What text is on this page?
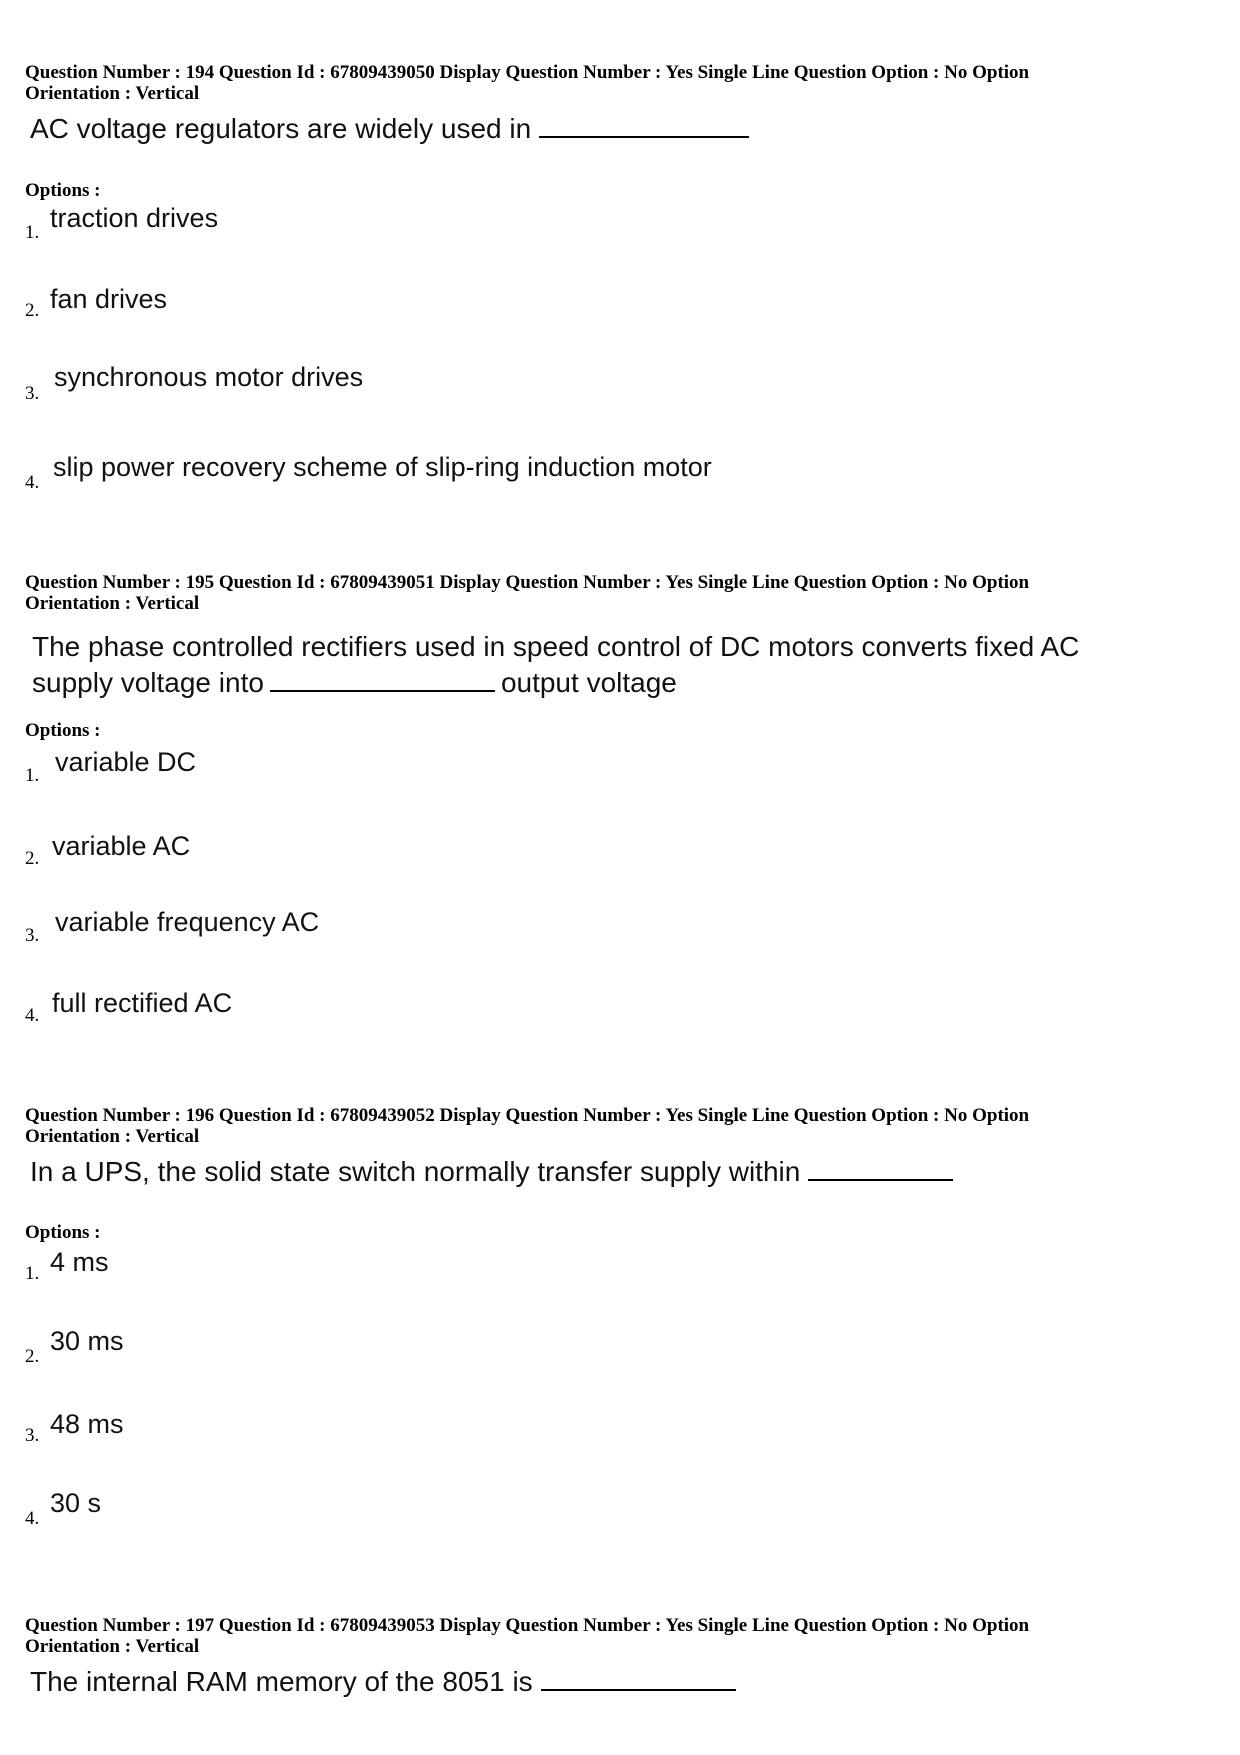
Question Number : 194 Question Id : 67809439050 Display Question Number : Yes Single Line Question Option : No Option
Orientation : Vertical
AC voltage regulators are widely used in
Options :
1. traction drives
2. fan drives
3.
synchronous motor drives
4.
slip power recovery scheme of slip-ring induction motor
Question Number : 195 Question Id : 67809439051 Display Question Number : Yes Single Line Question Option : No Option
Orientation : Vertical
The phase controlled rectifiers used in speed control of DC motors converts fixed AC
supply voltage into	output voltage
Options :
1. variable DC
2. variable AC
3. variable frequency AC
4. full rectified AC
Question Number : 196 Question Id : 67809439052 Display Question Number : Yes Single Line Question Option : No Option
Orientation : Vertical
In a UPS, the solid state switch normally transfer supply within
Options :
1. 4 ms
2.
30 ms
3. 48 ms
4.
30 s
Question Number : 197 Question Id : 67809439053 Display Question Number : Yes Single Line Question Option : No Option
Orientation : Vertical
The internal RAM memory of the 8051 is
